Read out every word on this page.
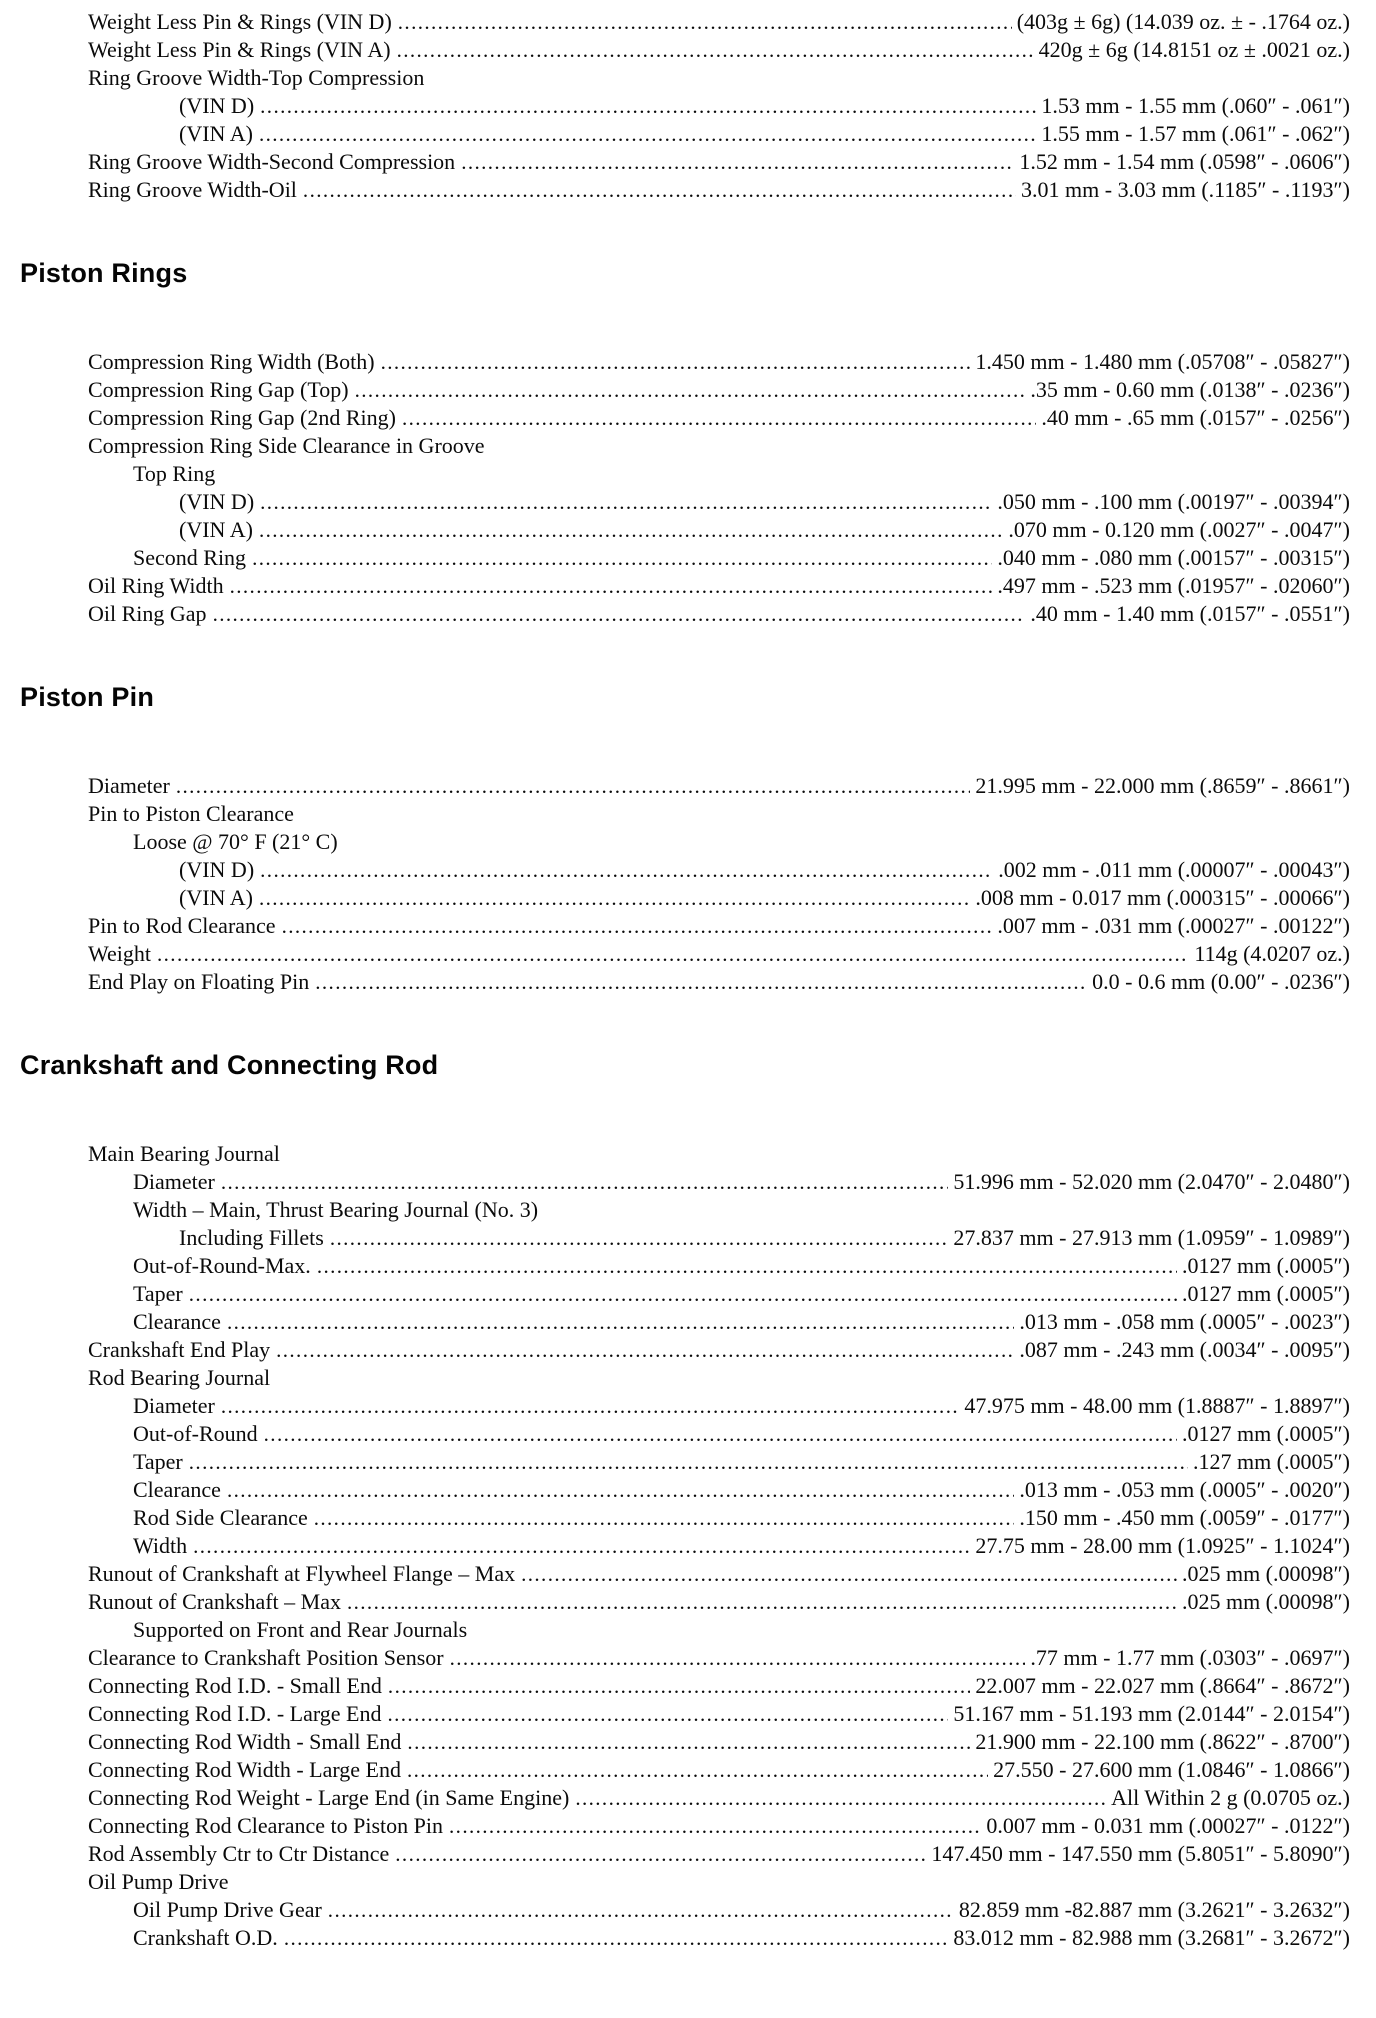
Weight Less Pin & Rings (VIN D) .....	(403g ± 6g) (14.039 oz. ± - .1764 oz.)
Weight Less Pin & Rings (VIN A) .....	420g ± 6g (14.8151 oz ± .0021 oz.)
Ring Groove Width-Top Compression
(VIN D) .....	1.53 mm - 1.55 mm (.060″ - .061″)
(VIN A) .....	1.55 mm - 1.57 mm (.061″ - .062″)
Ring Groove Width-Second Compression .....	1.52 mm - 1.54 mm (.0598″ - .0606″)
Ring Groove Width-Oil .....	3.01 mm - 3.03 mm (.1185″ - .1193″)
Piston Rings
Compression Ring Width (Both) .....	1.450 mm - 1.480 mm (.05708″ - .05827″)
Compression Ring Gap (Top) .....	.35 mm - 0.60 mm (.0138″ - .0236″)
Compression Ring Gap (2nd Ring) .....	.40 mm - .65 mm (.0157″ - .0256″)
Compression Ring Side Clearance in Groove
Top Ring
(VIN D) .....	.050 mm - .100 mm (.00197″ - .00394″)
(VIN A) .....	.070 mm - 0.120 mm (.0027″ - .0047″)
Second Ring .....	.040 mm - .080 mm (.00157″ - .00315″)
Oil Ring Width .....	.497 mm - .523 mm (.01957″ - .02060″)
Oil Ring Gap .....	.40 mm - 1.40 mm (.0157″ - .0551″)
Piston Pin
Diameter .....	21.995 mm - 22.000 mm (.8659″ - .8661″)
Pin to Piston Clearance
Loose @ 70° F (21° C)
(VIN D) .....	.002 mm - .011 mm (.00007″ - .00043″)
(VIN A) .....	.008 mm - 0.017 mm (.000315″ - .00066″)
Pin to Rod Clearance .....	.007 mm - .031 mm (.00027″ - .00122″)
Weight .....	114g (4.0207 oz.)
End Play on Floating Pin .....	0.0 - 0.6 mm (0.00″ - .0236″)
Crankshaft and Connecting Rod
Main Bearing Journal
Diameter .....	51.996 mm - 52.020 mm (2.0470″ - 2.0480″)
Width – Main, Thrust Bearing Journal (No. 3)
Including Fillets .....	27.837 mm - 27.913 mm (1.0959″ - 1.0989″)
Out-of-Round-Max. .....	.0127 mm (.0005″)
Taper .....	.0127 mm (.0005″)
Clearance .....	.013 mm - .058 mm (.0005″ - .0023″)
Crankshaft End Play .....	.087 mm - .243 mm (.0034″ - .0095″)
Rod Bearing Journal
Diameter .....	47.975 mm - 48.00 mm (1.8887″ - 1.8897″)
Out-of-Round .....	.0127 mm (.0005″)
Taper .....	.127 mm (.0005″)
Clearance .....	.013 mm - .053 mm (.0005″ - .0020″)
Rod Side Clearance .....	.150 mm - .450 mm (.0059″ - .0177″)
Width .....	27.75 mm - 28.00 mm (1.0925″ - 1.1024″)
Runout of Crankshaft at Flywheel Flange – Max .....	.025 mm (.00098″)
Runout of Crankshaft – Max .....	.025 mm (.00098″)
Supported on Front and Rear Journals
Clearance to Crankshaft Position Sensor .....	.77 mm - 1.77 mm (.0303″ - .0697″)
Connecting Rod I.D. - Small End .....	22.007 mm - 22.027 mm (.8664″ - .8672″)
Connecting Rod I.D. - Large End .....	51.167 mm - 51.193 mm (2.0144″ - 2.0154″)
Connecting Rod Width - Small End .....	21.900 mm - 22.100 mm (.8622″ - .8700″)
Connecting Rod Width - Large End .....	27.550 - 27.600 mm (1.0846″ - 1.0866″)
Connecting Rod Weight - Large End (in Same Engine) .....	All Within 2 g (0.0705 oz.)
Connecting Rod Clearance to Piston Pin .....	0.007 mm - 0.031 mm (.00027″ - .0122″)
Rod Assembly Ctr to Ctr Distance .....	147.450 mm - 147.550 mm (5.8051″ - 5.8090″)
Oil Pump Drive
Oil Pump Drive Gear .....	82.859 mm -82.887 mm (3.2621″ - 3.2632″)
Crankshaft O.D. .....	83.012 mm - 82.988 mm (3.2681″ - 3.2672″)
